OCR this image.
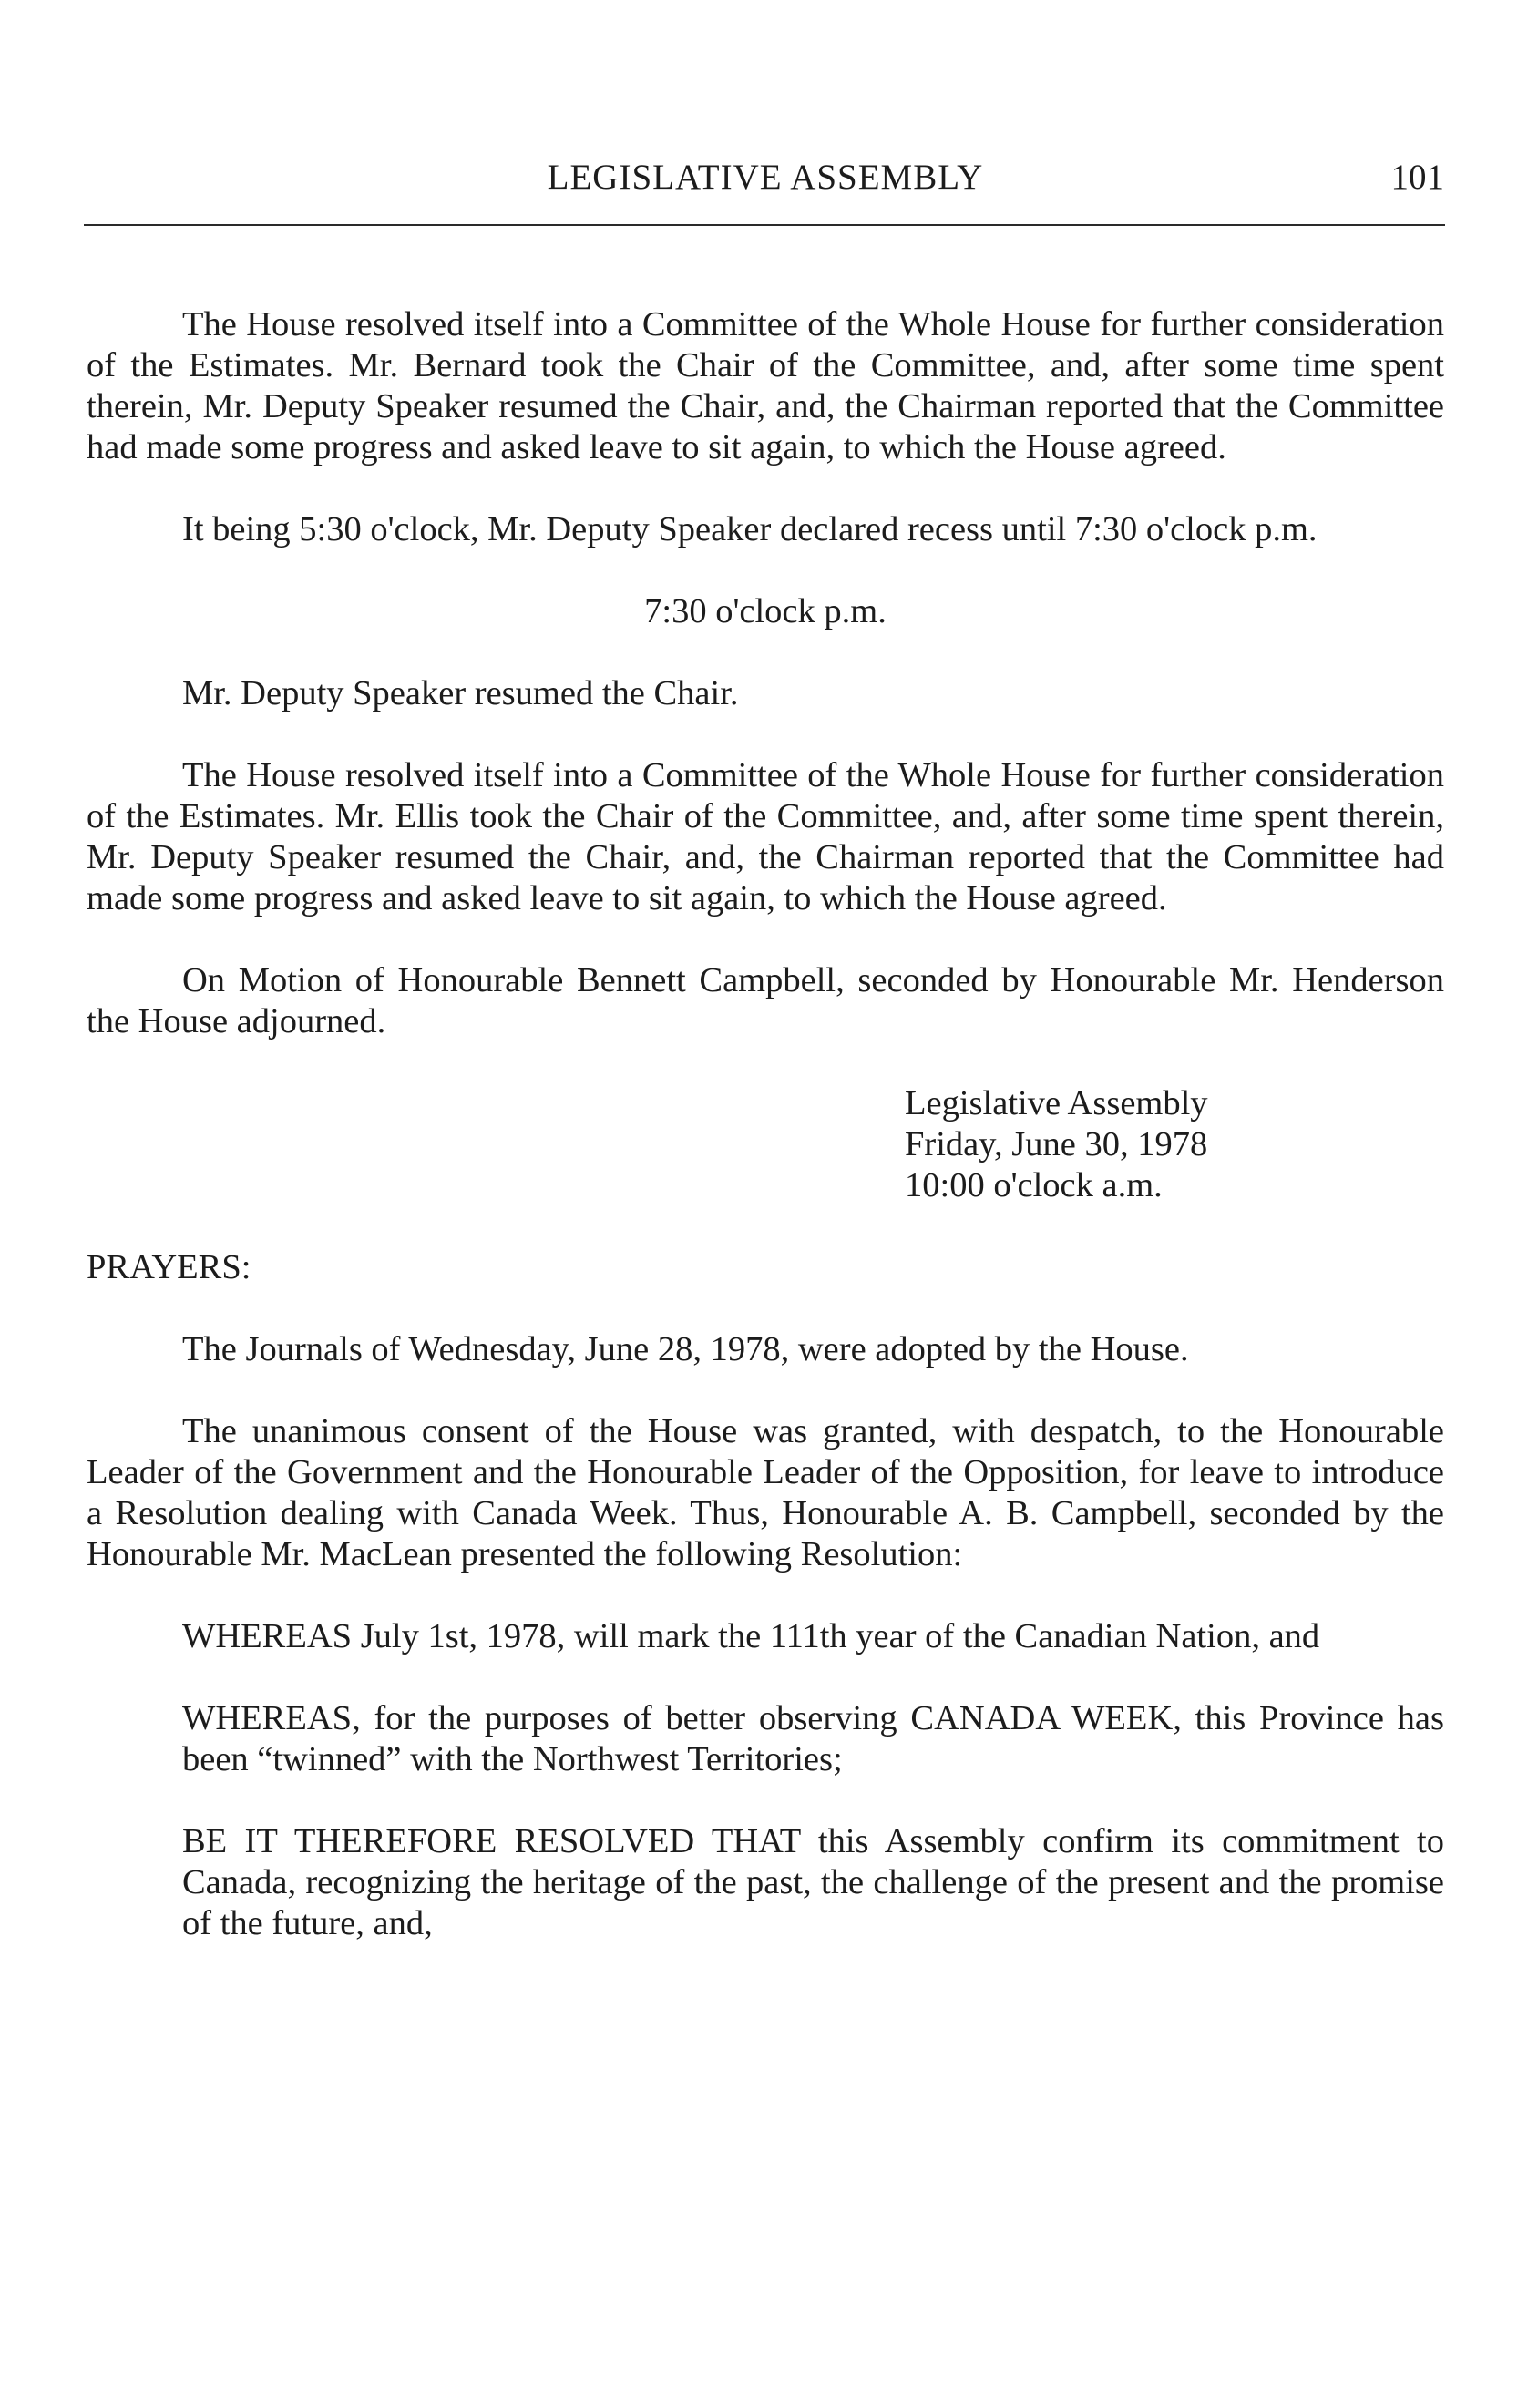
LEGISLATIVE ASSEMBLY	101

The House resolved itself into a Committee of the Whole House for further consideration of the Estimates. Mr. Bernard took the Chair of the Committee, and, after some time spent therein, Mr. Deputy Speaker resumed the Chair, and, the Chairman reported that the Committee had made some progress and asked leave to sit again, to which the House agreed.

It being 5:30 o'clock, Mr. Deputy Speaker declared recess until 7:30 o'clock p.m.

7:30 o'clock p.m.

Mr. Deputy Speaker resumed the Chair.

The House resolved itself into a Committee of the Whole House for further consideration of the Estimates. Mr. Ellis took the Chair of the Committee, and, after some time spent therein, Mr. Deputy Speaker resumed the Chair, and, the Chairman reported that the Committee had made some progress and asked leave to sit again, to which the House agreed.

On Motion of Honourable Bennett Campbell, seconded by Honourable Mr. Henderson the House adjourned.

Legislative Assembly
Friday, June 30, 1978
10:00 o'clock a.m.

PRAYERS:

The Journals of Wednesday, June 28, 1978, were adopted by the House.

The unanimous consent of the House was granted, with despatch, to the Honourable Leader of the Government and the Honourable Leader of the Opposition, for leave to introduce a Resolution dealing with Canada Week. Thus, Honourable A. B. Campbell, seconded by the Honourable Mr. MacLean presented the following Resolution:

WHEREAS July 1st, 1978, will mark the 111th year of the Canadian Nation, and

WHEREAS, for the purposes of better observing CANADA WEEK, this Province has been “twinned” with the Northwest Territories;

BE IT THEREFORE RESOLVED THAT this Assembly confirm its commitment to Canada, recognizing the heritage of the past, the challenge of the present and the promise of the future, and,
